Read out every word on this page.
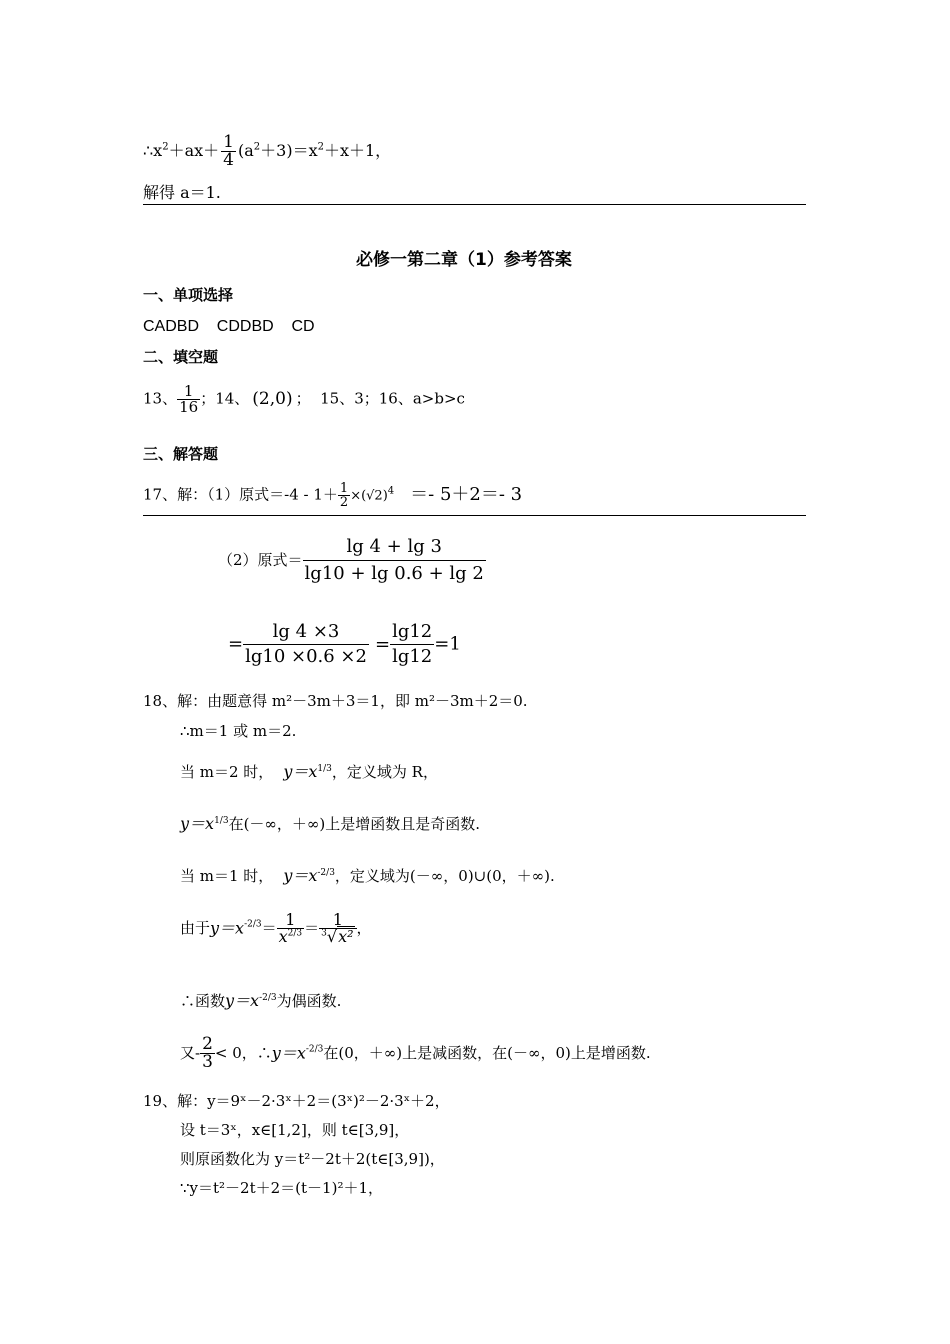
$\therefore x^2+ax+ \frac{1}{4} (a^2+3)=x^2+x+1$，
解得 a＝1.
必修一第二章（1）参考答案
一、单项选择
CADBD    CDDBD    CD
二、填空题
13、 $\frac{1}{16}$ ；14、 (2,0) ；  15、3；16、a>b>c
三、解答题
17、解：（1）原式$=-4 - 1+ \frac{1}{2} \times(√2)^4 =- 5+2=-$ 3
（2）原式＝ $\frac{\lg 4 + \lg 3}{\lg 10 + \lg 0.6 + \lg 2}$
= $\frac{\lg 4 \times 3}{\lg 10 \times 0.6 \times 2} = \frac{\lg 12}{\lg 12} =1$
18、解：由题意得 m²－3m＋3＝1，即 m²－3m＋2＝0.
∴m＝1 或 m＝2.
当 m＝2 时， $y=x^{1/3}$，定义域为 R，
$y=x^{1/3}$在(－∞，＋∞)上是增函数且是奇函数.
当 m＝1 时， $y=x^{-2/3}$，定义域为(－∞，0)∪(0，＋∞).
由于$y=x^{-2/3}= \frac{1}{x^{2/3}} = \frac{1}{^3√x^2}$ ，
∴函数$y=x^{-2/3}$为偶函数.
又- $\frac{2}{3} < 0$，$\therefore y=x^{-2/3}$在(0，＋∞)上是减函数，在(－∞，0)上是增函数.
19、解：y＝9ˣ－2·3ˣ＋2＝(3ˣ)²－2·3ˣ＋2，
设 t＝3ˣ，x∈[1,2]，则 t∈[3,9]，
则原函数化为 y＝t²－2t＋2(t∈[3,9])，
∵y＝t²－2t＋2＝(t－1)²＋1，
